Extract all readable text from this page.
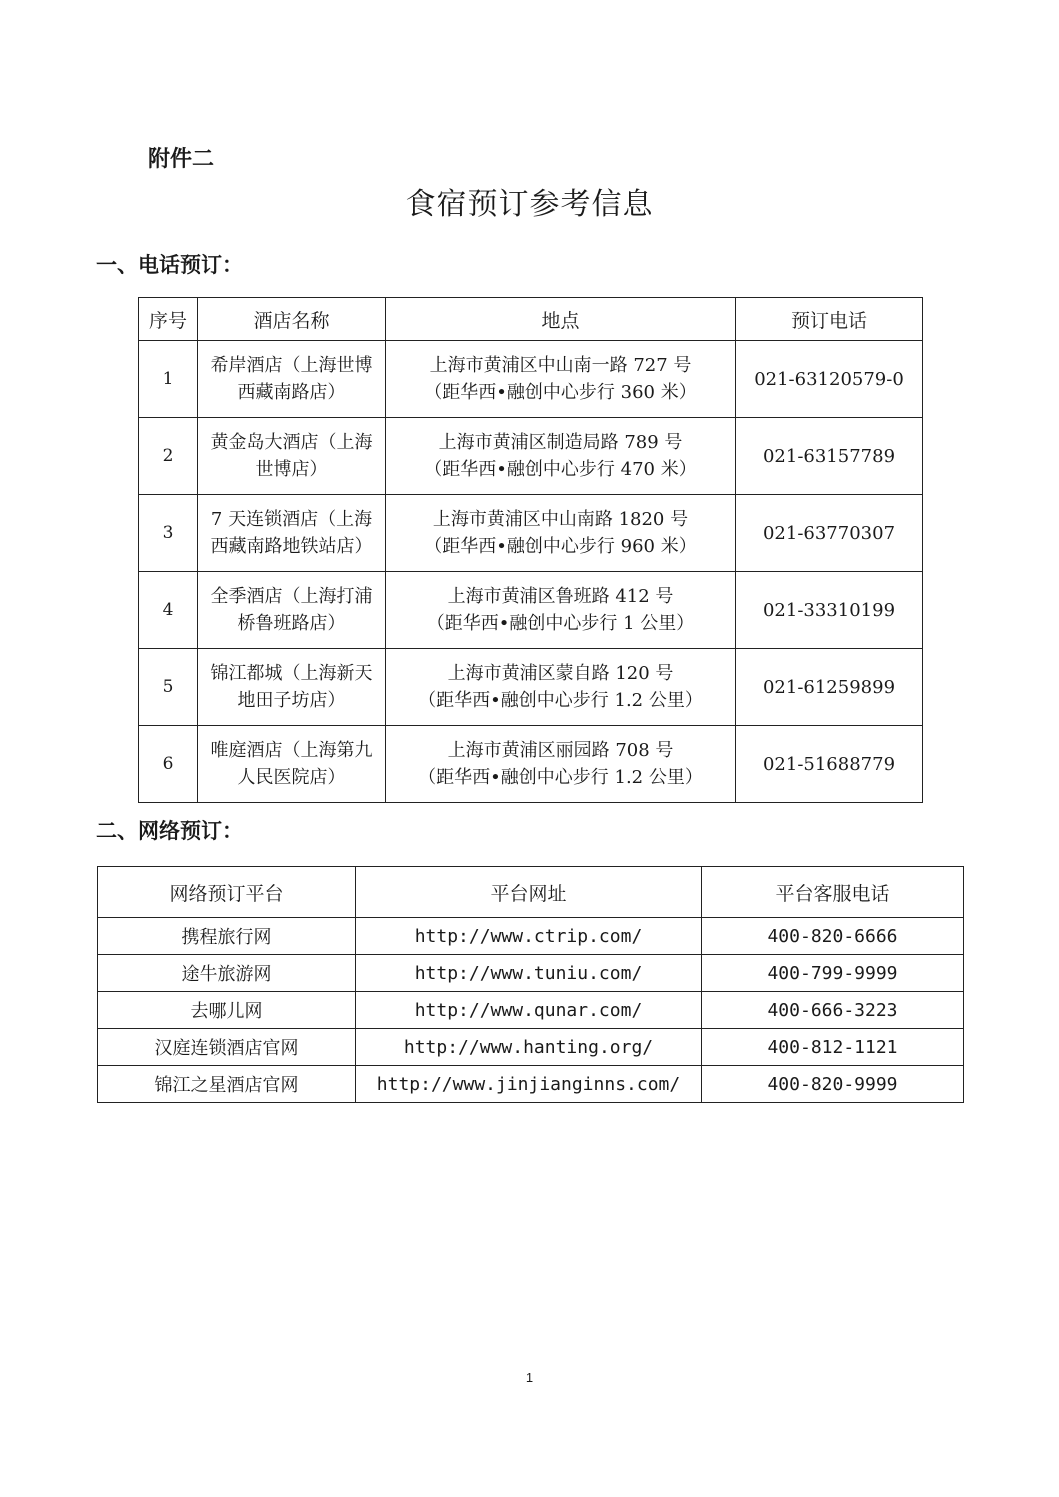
附件二
食宿预订参考信息
一、电话预订：
序号	酒店名称	地点	预订电话
1	希岸酒店（上海世博
西藏南路店）	上海市黄浦区中山南一路 727 号
（距华西•融创中心步行 360 米）	021-63120579-0
2	黄金岛大酒店（上海
世博店）	上海市黄浦区制造局路 789 号
（距华西•融创中心步行 470 米）	021-63157789
3	7 天连锁酒店（上海
西藏南路地铁站店）	上海市黄浦区中山南路 1820 号
（距华西•融创中心步行 960 米）	021-63770307
4	全季酒店（上海打浦
桥鲁班路店）	上海市黄浦区鲁班路 412 号
（距华西•融创中心步行 1 公里）	021-33310199
5	锦江都城（上海新天
地田子坊店）	上海市黄浦区蒙自路 120 号
（距华西•融创中心步行 1.2 公里）	021-61259899
6	唯庭酒店（上海第九
人民医院店）	上海市黄浦区丽园路 708 号
（距华西•融创中心步行 1.2 公里）	021-51688779
二、网络预订：
网络预订平台	平台网址	平台客服电话
携程旅行网	http://www.ctrip.com/	400-820-6666
途牛旅游网	http://www.tuniu.com/	400-799-9999
去哪儿网	http://www.qunar.com/	400-666-3223
汉庭连锁酒店官网	http://www.hanting.org/	400-812-1121
锦江之星酒店官网	http://www.jinjianginns.com/	400-820-9999
1
